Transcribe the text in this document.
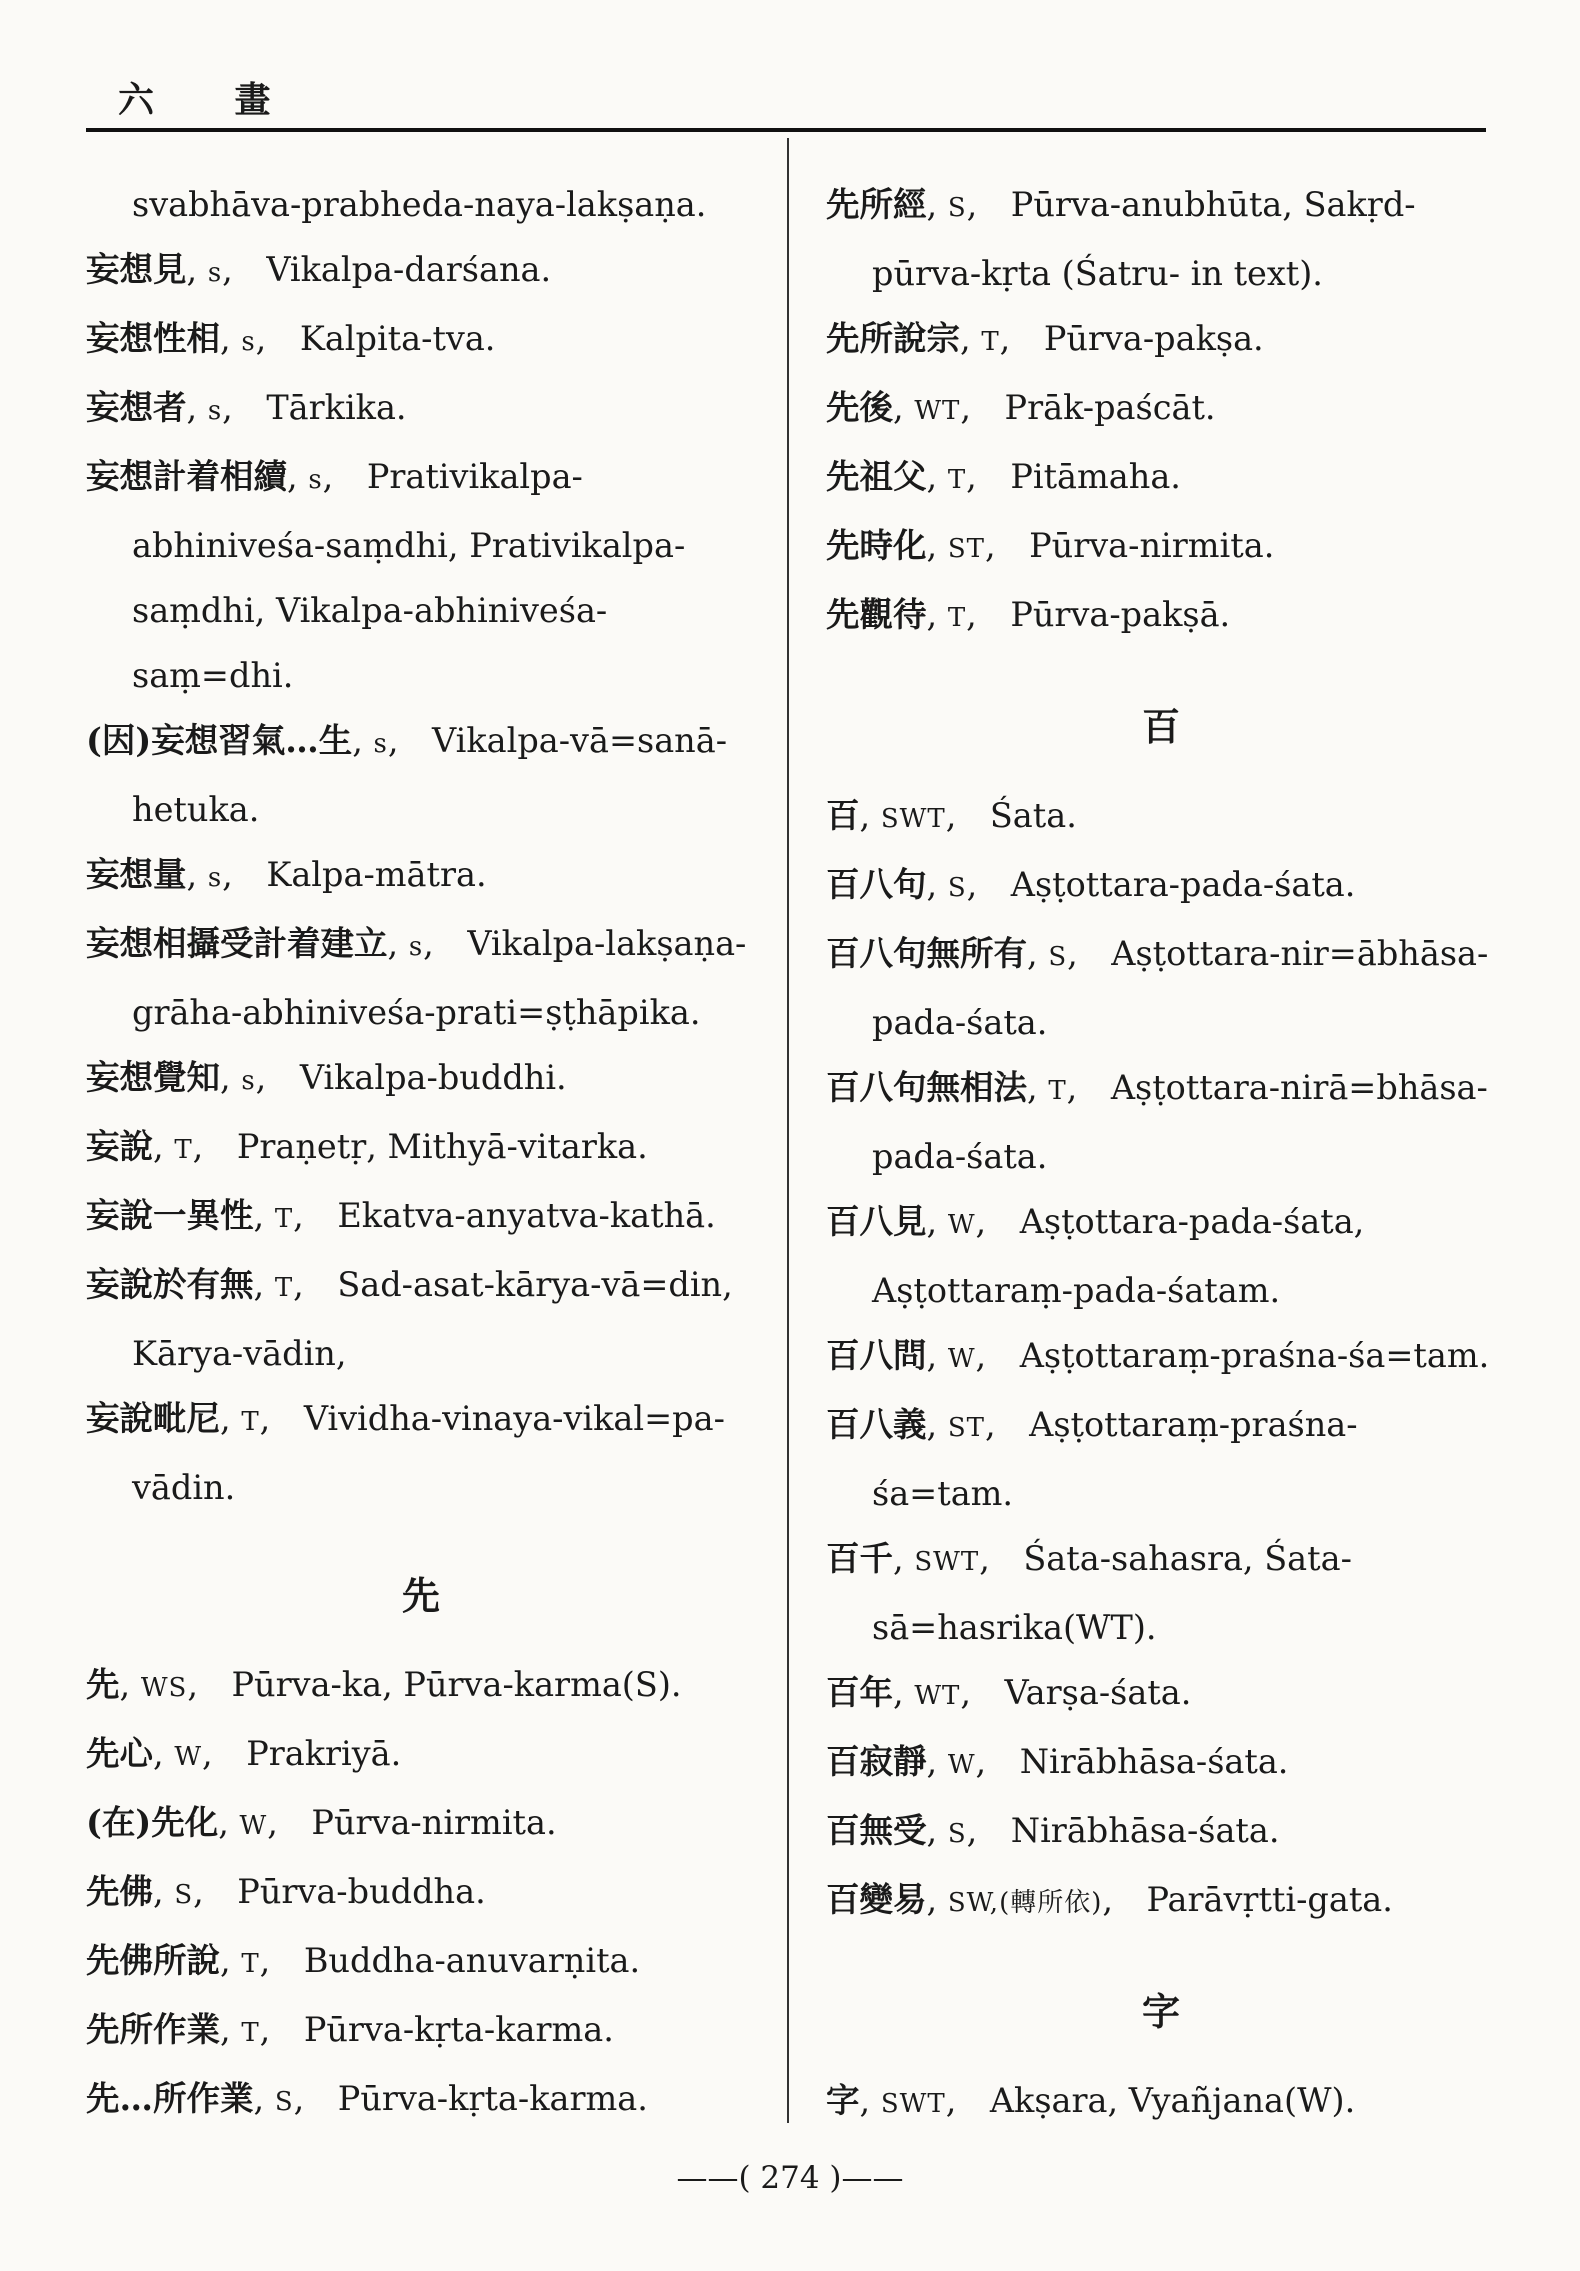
六 畫
svabhāva-prabheda-naya-lakṣaṇa.
妄想見, s, Vikalpa-darśana.
妄想性相, s, Kalpita-tva.
妄想者, s, Tārkika.
妄想計着相續, s, Prativikalpa-abhiniveśa-saṃdhi, Prativikalpa-saṃdhi, Vikalpa-abhiniveśa-saṃ=dhi.
(因)妄想習氣…生, s, Vikalpa-vā=sanā-hetuka.
妄想量, s, Kalpa-mātra.
妄想相攝受計着建立, s, Vikalpa-lakṣaṇa-grāha-abhiniveśa-prati=ṣṭhāpika.
妄想覺知, s, Vikalpa-buddhi.
妄說, T, Praṇetṛ, Mithyā-vitarka.
妄說一異性, T, Ekatva-anyatva-kathā.
妄說於有無, T, Sad-asat-kārya-vā=din, Kārya-vādin,
妄說毗尼, T, Vividha-vinaya-vikal=pa-vādin.
先
先, WS, Pūrva-ka, Pūrva-karma(S).
先心, W, Prakriyā.
(在)先化, W, Pūrva-nirmita.
先佛, S, Pūrva-buddha.
先佛所說, T, Buddha-anuvarṇita.
先所作業, T, Pūrva-kṛta-karma.
先…所作業, S, Pūrva-kṛta-karma.
先所經, S, Pūrva-anubhūta, Sakṛd-pūrva-kṛta (Śatru- in text).
先所說宗, T, Pūrva-pakṣa.
先後, WT, Prāk-paścāt.
先祖父, T, Pitāmaha.
先時化, ST, Pūrva-nirmita.
先觀待, T, Pūrva-pakṣā.
百
百, SWT, Śata.
百八句, S, Aṣṭottara-pada-śata.
百八句無所有, S, Aṣṭottara-nir=ābhāsa-pada-śata.
百八句無相法, T, Aṣṭottara-nirā=bhāsa-pada-śata.
百八見, W, Aṣṭottara-pada-śata, Aṣṭottaraṃ-pada-śatam.
百八問, W, Aṣṭottaraṃ-praśna-śa=tam.
百八義, ST, Aṣṭottaraṃ-praśna-śa=tam.
百千, SWT, Śata-sahasra, Śata-sā=hasrika(WT).
百年, WT, Varṣa-śata.
百寂靜, W, Nirābhāsa-śata.
百無受, S, Nirābhāsa-śata.
百變易, SW,(轉所依), Parāvṛtti-gata.
字
字, SWT, Akṣara, Vyañjana(W).
——( 274 )——
